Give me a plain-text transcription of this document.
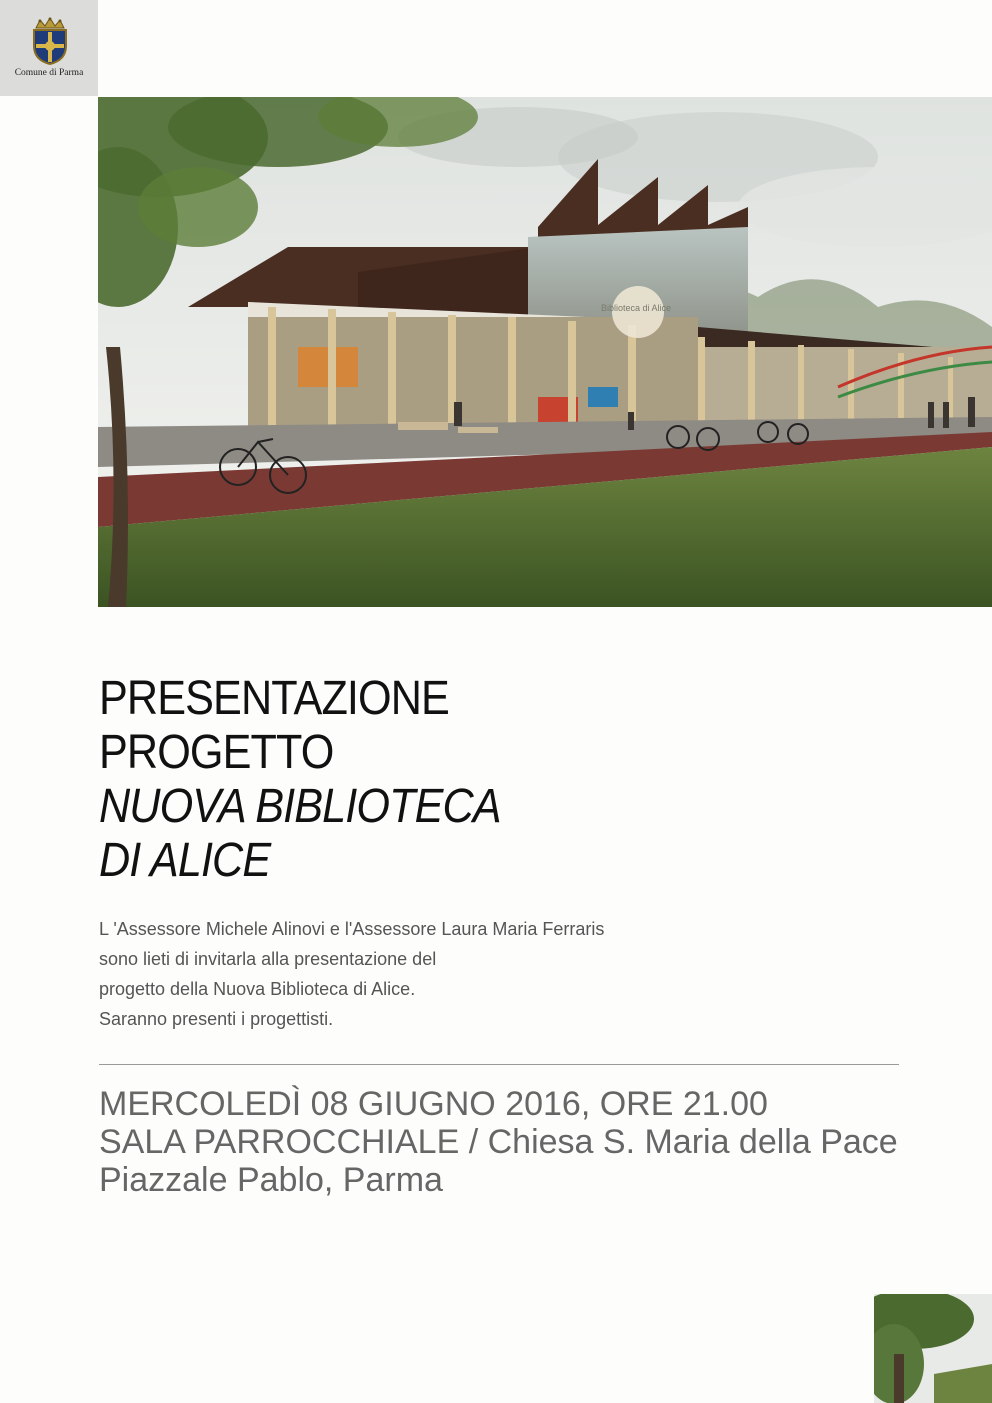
Comune di Parma
Biblioteca di Alice
PRESENTAZIONE
PROGETTO
NUOVA BIBLIOTECA
DI ALICE
L 'Assessore Michele Alinovi e l'Assessore Laura Maria Ferraris
sono lieti di invitarla alla presentazione del
progetto della Nuova Biblioteca di Alice.
Saranno presenti i progettisti.
MERCOLEDÌ 08 GIUGNO 2016, ORE 21.00
SALA PARROCCHIALE / Chiesa S. Maria della Pace
Piazzale Pablo, Parma
